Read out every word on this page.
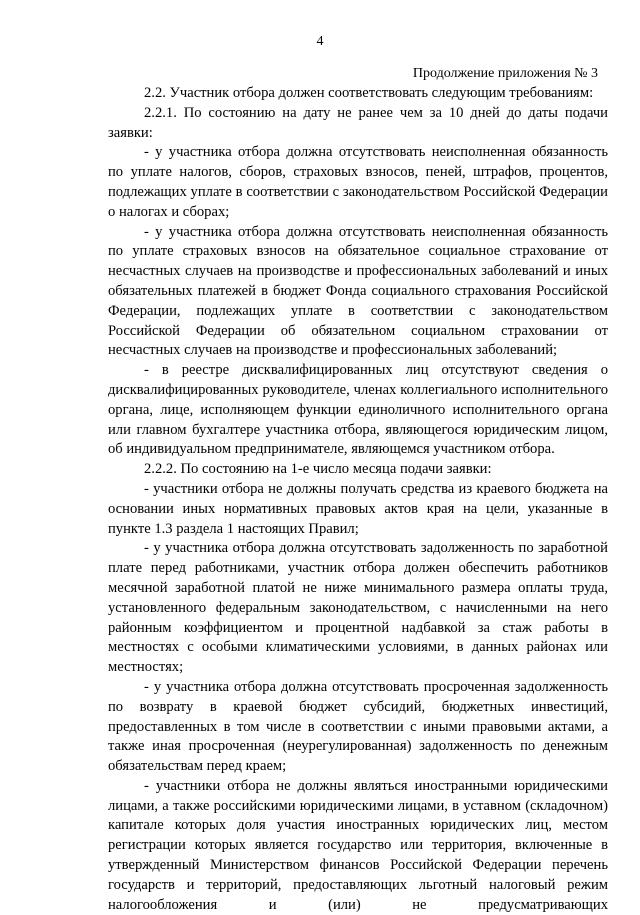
4
Продолжение приложения № 3

2.2. Участник отбора должен соответствовать следующим требованиям:

2.2.1. По состоянию на дату не ранее чем за 10 дней до даты подачи заявки:

- у участника отбора должна отсутствовать неисполненная обязанность по уплате налогов, сборов, страховых взносов, пеней, штрафов, процентов, подлежащих уплате в соответствии с законодательством Российской Федерации о налогах и сборах;

- у участника отбора должна отсутствовать неисполненная обязанность по уплате страховых взносов на обязательное социальное страхование от несчастных случаев на производстве и профессиональных заболеваний и иных обязательных платежей в бюджет Фонда социального страхования Российской Федерации, подлежащих уплате в соответствии с законодательством Российской Федерации об обязательном социальном страховании от несчастных случаев на производстве и профессиональных заболеваний;

- в реестре дисквалифицированных лиц отсутствуют сведения о дисквалифицированных руководителе, членах коллегиального исполнительного органа, лице, исполняющем функции единоличного исполнительного органа или главном бухгалтере участника отбора, являющегося юридическим лицом, об индивидуальном предпринимателе, являющемся участником отбора.

2.2.2. По состоянию на 1-е число месяца подачи заявки:

- участники отбора не должны получать средства из краевого бюджета на основании иных нормативных правовых актов края на цели, указанные в пункте 1.3 раздела 1 настоящих Правил;

- у участника отбора должна отсутствовать задолженность по заработной плате перед работниками, участник отбора должен обеспечить работников месячной заработной платой не ниже минимального размера оплаты труда, установленного федеральным законодательством, с начисленными на него районным коэффициентом и процентной надбавкой за стаж работы в местностях с особыми климатическими условиями, в данных районах или местностях;

- у участника отбора должна отсутствовать просроченная задолженность по возврату в краевой бюджет субсидий, бюджетных инвестиций, предоставленных в том числе в соответствии с иными правовыми актами, а также иная просроченная (неурегулированная) задолженность по денежным обязательствам перед краем;

- участники отбора не должны являться иностранными юридическими лицами, а также российскими юридическими лицами, в уставном (складочном) капитале которых доля участия иностранных юридических лиц, местом регистрации которых является государство или территория, включенные в утвержденный Министерством финансов Российской Федерации перечень государств и территорий, предоставляющих льготный налоговый режим налогообложения и (или) не предусматривающих
